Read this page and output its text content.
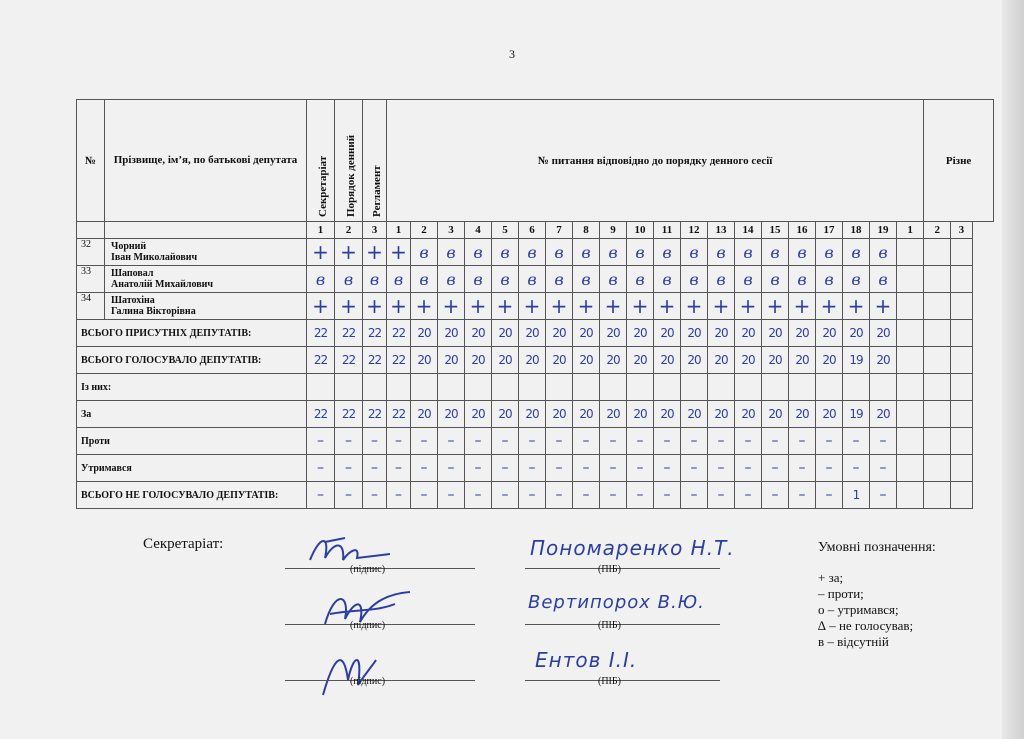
3
№	Прізвище, ім’я, по батькові депутата	Секретаріат	Порядок денний	Регламент	№ питання відповідно до порядку денного сесії																				Різне	
		1	2	3	1	2	3	4	5	6	7	8	9	10	11	12	13	14	15	16	17	18	19	1	2	3
32	Чорний
Іван Миколайович	+	+	+	+	в	в	в	в	в	в	в	в	в	в	в	в	в	в	в	в	в	в			
33	Шаповал
Анатолій Михайлович	в	в	в	в	в	в	в	в	в	в	в	в	в	в	в	в	в	в	в	в	в	в			
34	Шатохіна
Галина Вікторівна	+	+	+	+	+	+	+	+	+	+	+	+	+	+	+	+	+	+	+	+	+	+			
ВСЬОГО ПРИСУТНІХ ДЕПУТАТІВ:		22	22	22	22	20	20	20	20	20	20	20	20	20	20	20	20	20	20	20	20	20	20			
ВСЬОГО ГОЛОСУВАЛО ДЕПУТАТІВ:		22	22	22	22	20	20	20	20	20	20	20	20	20	20	20	20	20	20	20	20	19	20			
Із них:																										
За		22	22	22	22	20	20	20	20	20	20	20	20	20	20	20	20	20	20	20	20	19	20			
Проти		–	–	–	–	–	–	–	–	–	–	–	–	–	–	–	–	–	–	–	–	–	–			
Утримався		–	–	–	–	–	–	–	–	–	–	–	–	–	–	–	–	–	–	–	–	–	–			
ВСЬОГО НЕ ГОЛОСУВАЛО ДЕПУТАТІВ:		–	–	–	–	–	–	–	–	–	–	–	–	–	–	–	–	–	–	–	–	1	–			
Секретаріат:
(підпис)
Пономаренко Н.Т.
(ПІБ)
(підпис)
Вертипорох В.Ю.
(ПІБ)
(підпис)
Ентов І.І.
(ПІБ)
Умовні позначення:
+ за;
– проти;
о – утримався;
∆ – не голосував;
в – відсутній
